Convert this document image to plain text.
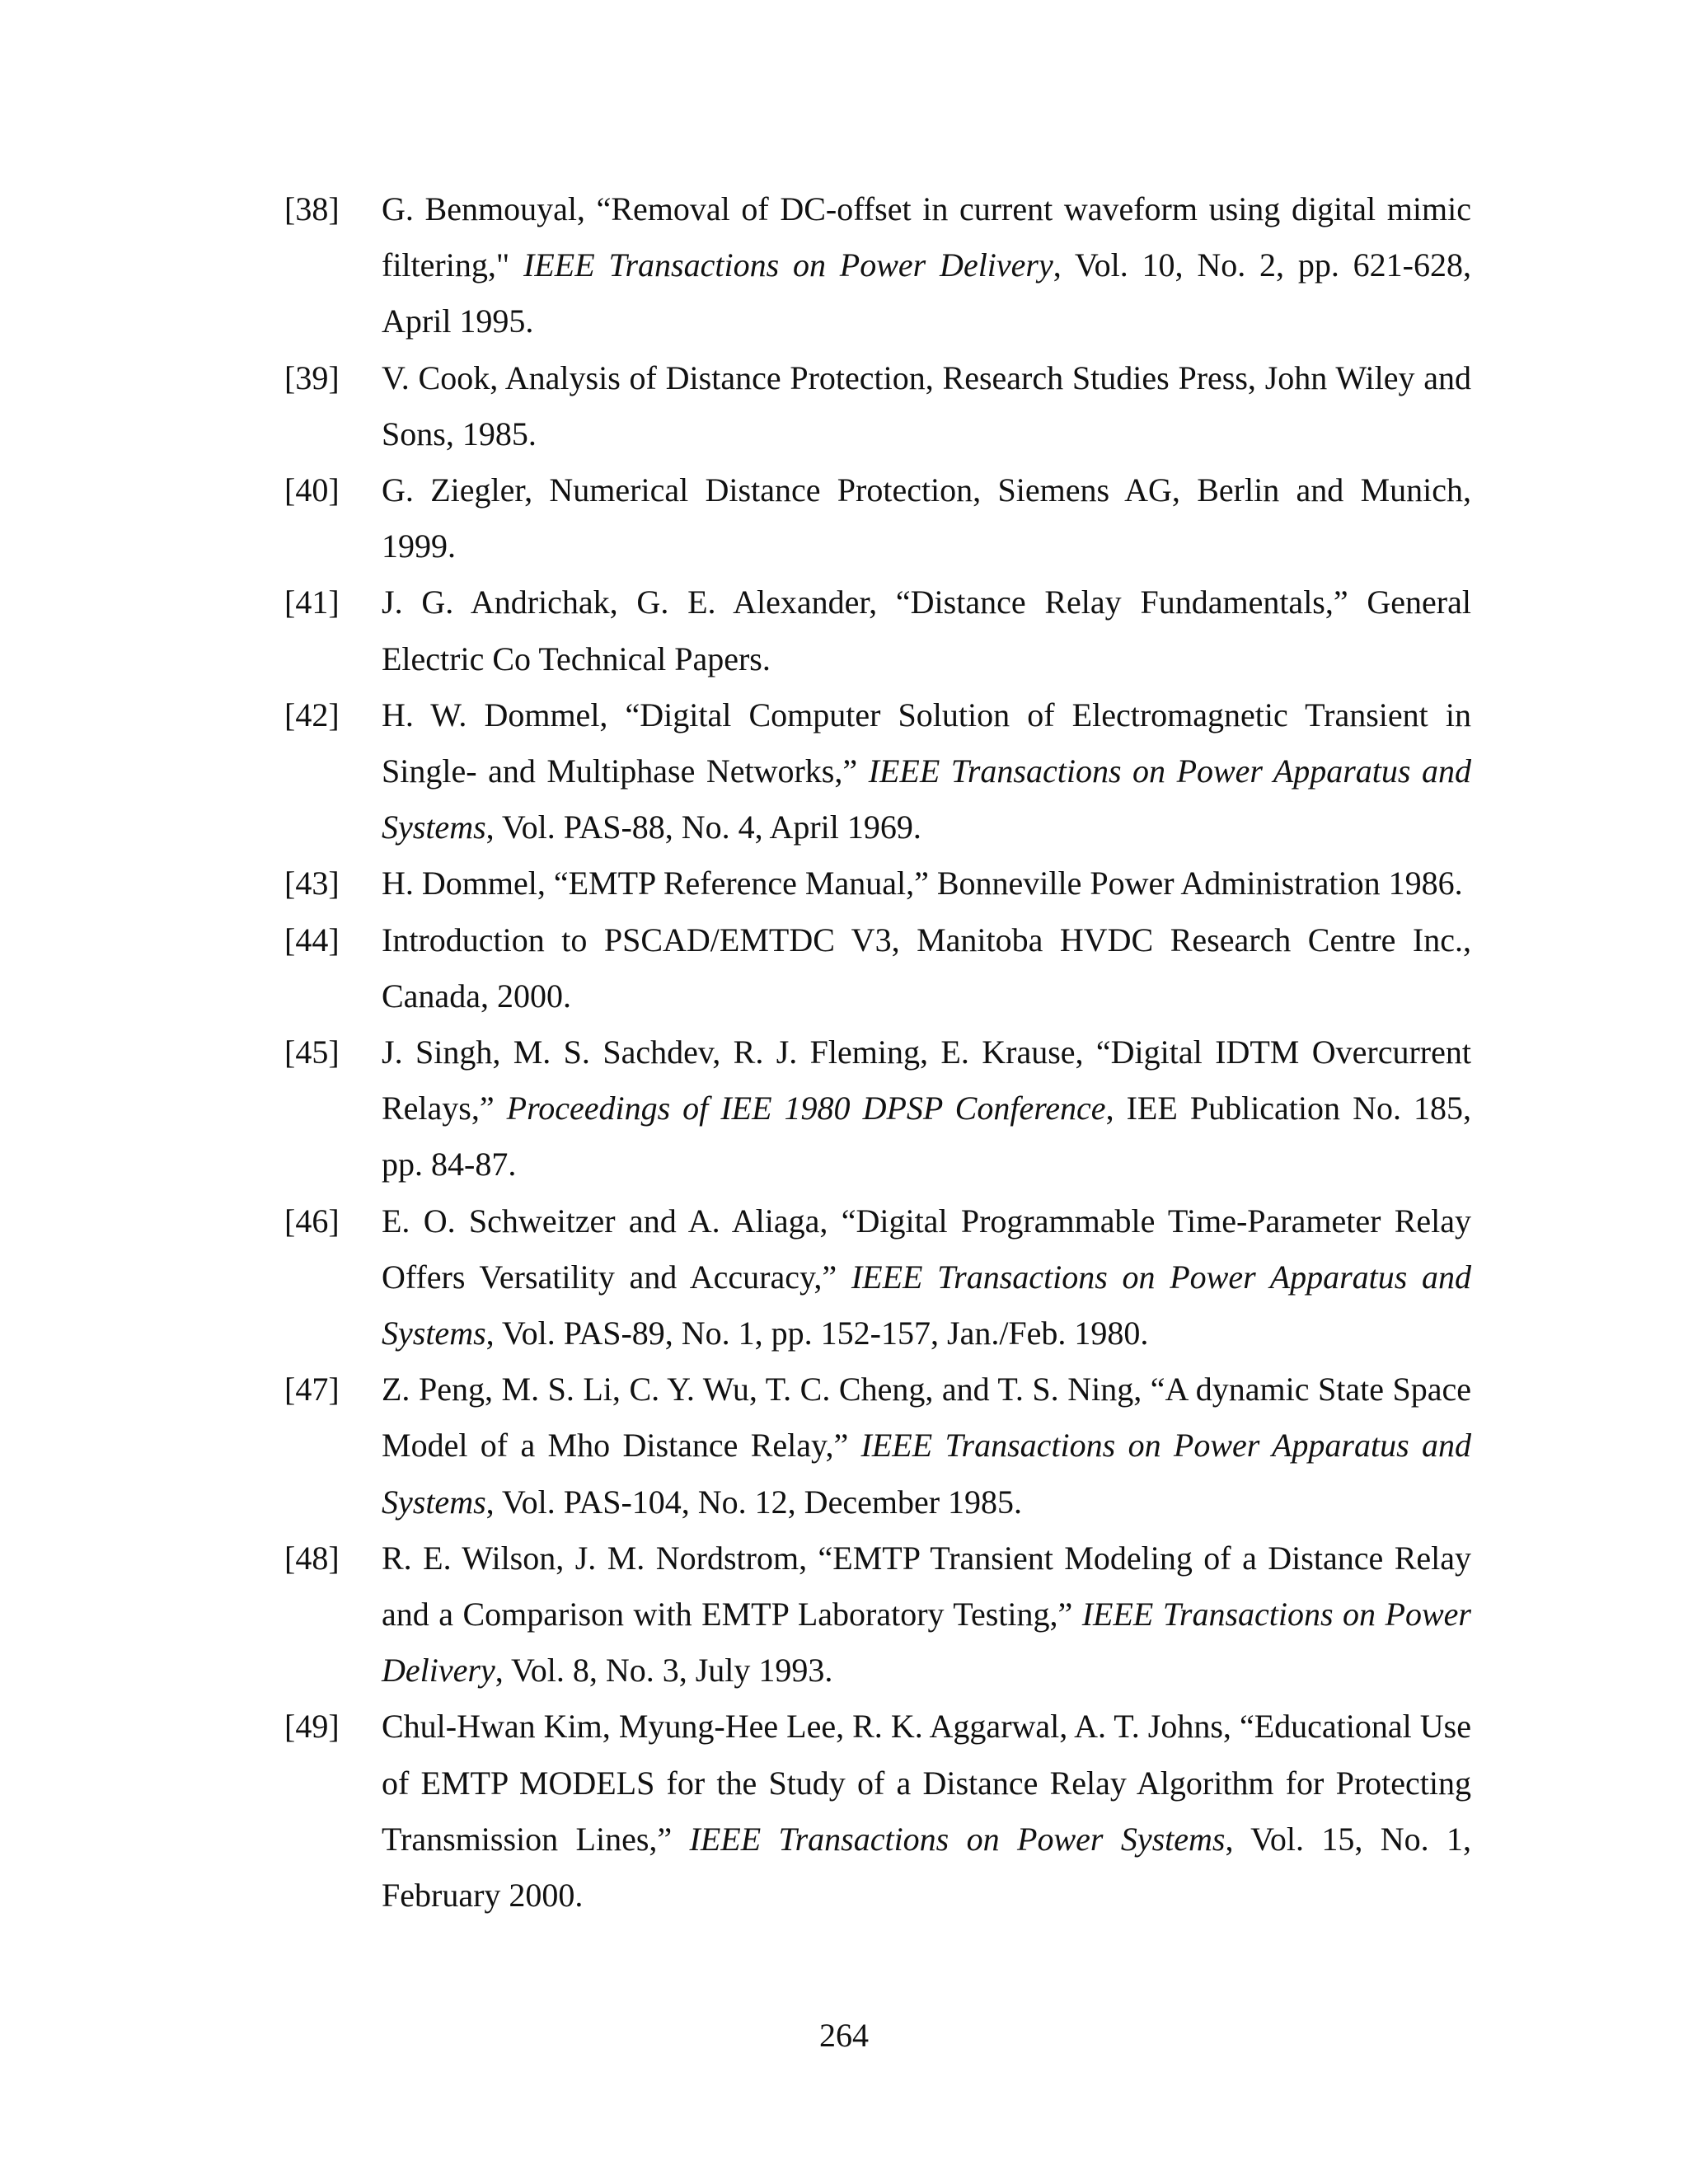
[38]	G. Benmouyal, “Removal of DC-offset in current waveform using digital mimic filtering," IEEE Transactions on Power Delivery, Vol. 10, No. 2, pp. 621-628, April 1995.
[39]	V. Cook, Analysis of Distance Protection, Research Studies Press, John Wiley and Sons, 1985.
[40]	G. Ziegler, Numerical Distance Protection, Siemens AG, Berlin and Munich, 1999.
[41]	J. G. Andrichak, G. E. Alexander, “Distance Relay Fundamentals,” General Electric Co Technical Papers.
[42]	H. W. Dommel, “Digital Computer Solution of Electromagnetic Transient in Single- and Multiphase Networks,” IEEE Transactions on Power Apparatus and Systems, Vol. PAS-88, No. 4, April 1969.
[43]	H. Dommel, “EMTP Reference Manual,” Bonneville Power Administration 1986.
[44]	Introduction to PSCAD/EMTDC V3, Manitoba HVDC Research Centre Inc., Canada, 2000.
[45]	J. Singh, M. S. Sachdev, R. J. Fleming, E. Krause, “Digital IDTM Overcurrent Relays,” Proceedings of IEE 1980 DPSP Conference, IEE Publication No. 185, pp. 84-87.
[46]	E. O. Schweitzer and A. Aliaga, “Digital Programmable Time-Parameter Relay Offers Versatility and Accuracy,” IEEE Transactions on Power Apparatus and Systems, Vol. PAS-89, No. 1, pp. 152-157, Jan./Feb. 1980.
[47]	Z. Peng, M. S. Li, C. Y. Wu, T. C. Cheng, and T. S. Ning, “A dynamic State Space Model of a Mho Distance Relay,” IEEE Transactions on Power Apparatus and Systems, Vol. PAS-104, No. 12, December 1985.
[48]	R. E. Wilson, J. M. Nordstrom, “EMTP Transient Modeling of a Distance Relay and a Comparison with EMTP Laboratory Testing,” IEEE Transactions on Power Delivery, Vol. 8, No. 3, July 1993.
[49]	Chul-Hwan Kim, Myung-Hee Lee, R. K. Aggarwal, A. T. Johns, “Educational Use of EMTP MODELS for the Study of a Distance Relay Algorithm for Protecting Transmission Lines,” IEEE Transactions on Power Systems, Vol. 15, No. 1, February 2000.
264
